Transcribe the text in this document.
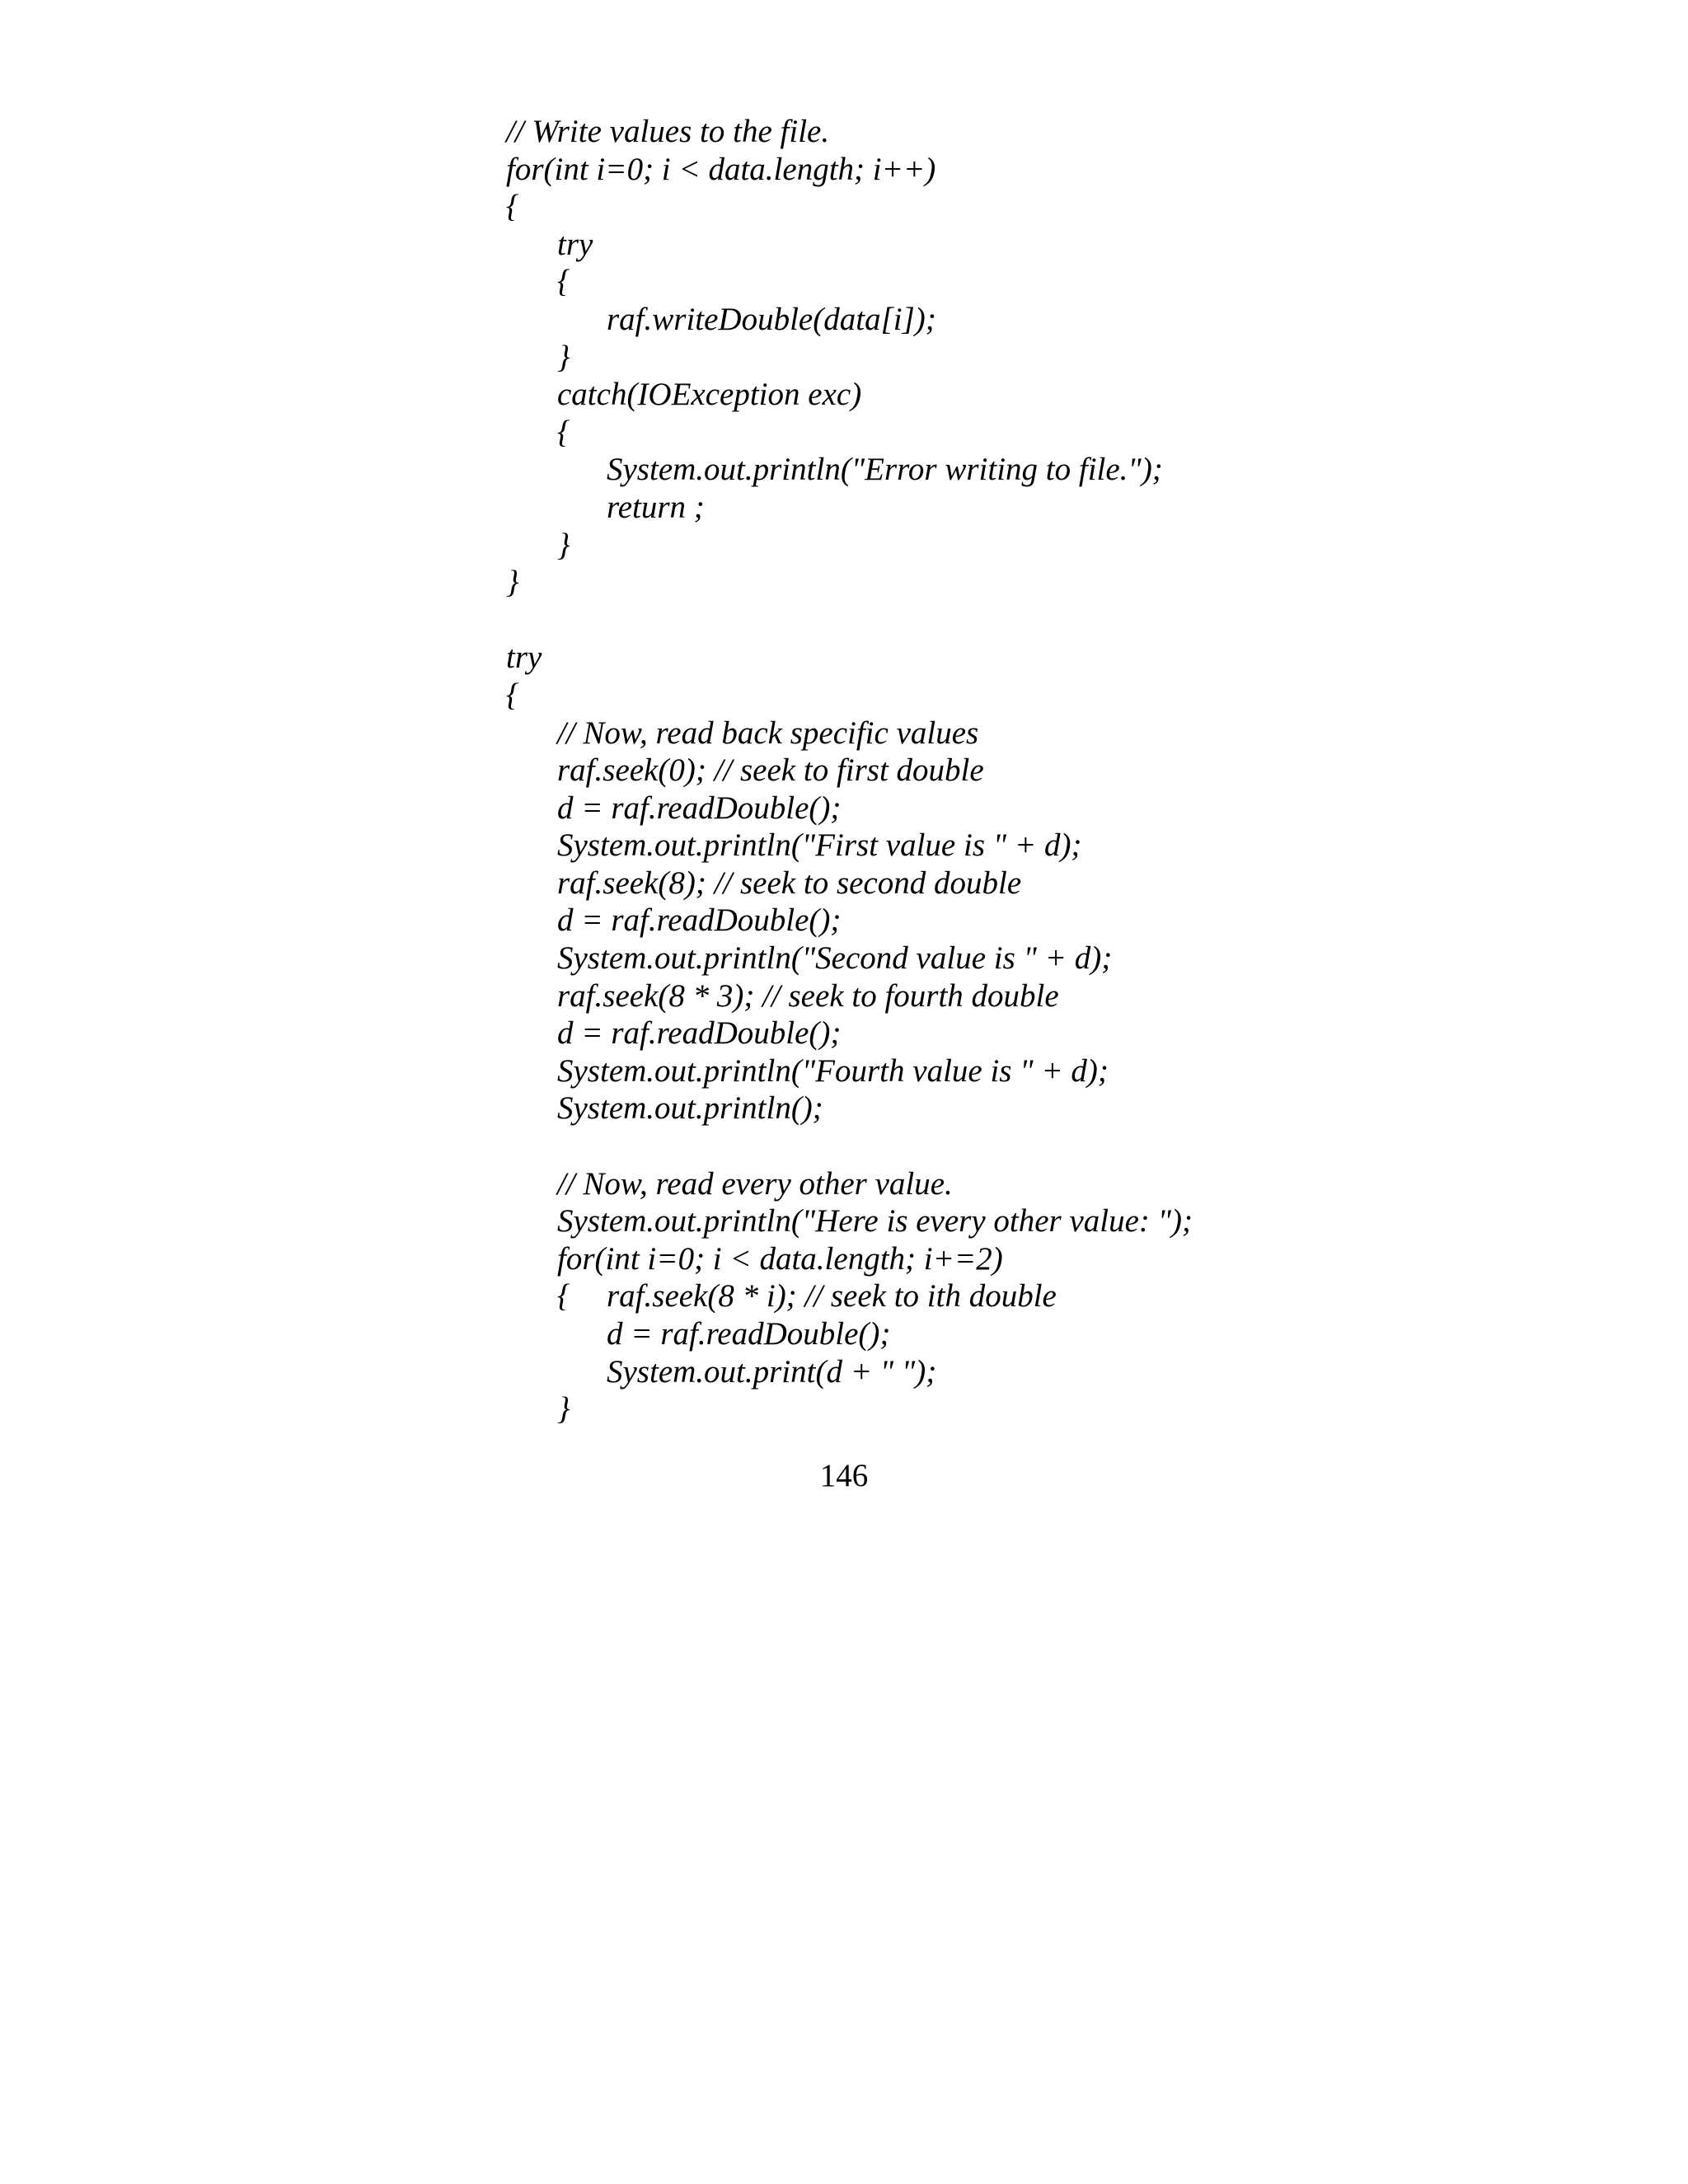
// Write values to the file.
for(int i=0; i < data.length; i++)
{
try
{
raf.writeDouble(data[i]);
}
catch(IOException exc)
{
System.out.println("Error writing to file.");
return ;
}
}
try
{
// Now, read back specific values
raf.seek(0); // seek to first double
d = raf.readDouble();
System.out.println("First value is " + d);
raf.seek(8); // seek to second double
d = raf.readDouble();
System.out.println("Second value is " + d);
raf.seek(8 * 3); // seek to fourth double
d = raf.readDouble();
System.out.println("Fourth value is " + d);
System.out.println();
// Now, read every other value.
System.out.println("Here is every other value: ");
for(int i=0; i < data.length; i+=2)
{ raf.seek(8 * i); // seek to ith double
d = raf.readDouble();
System.out.print(d + " ");
}
146
